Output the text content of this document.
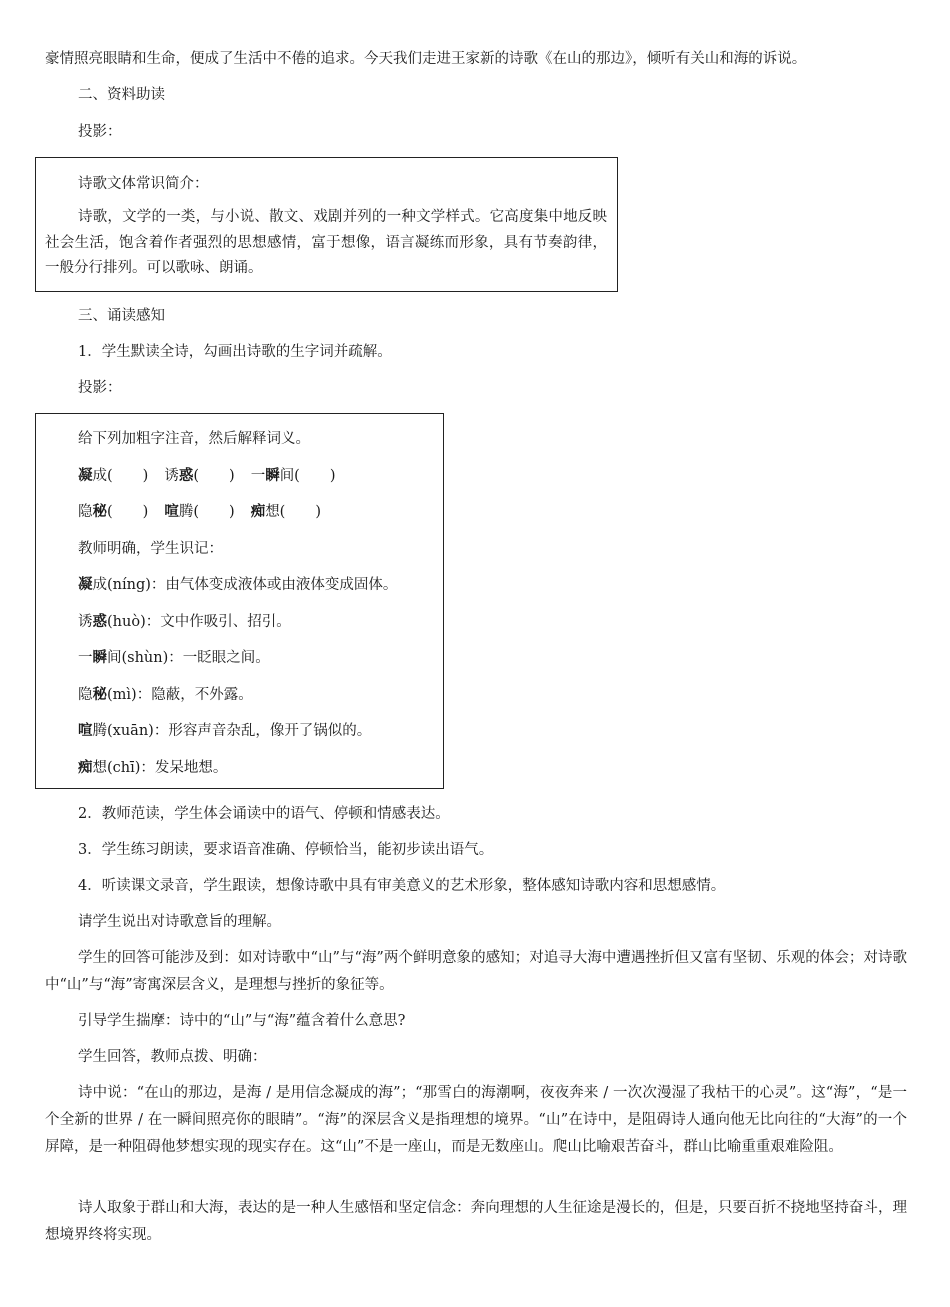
豪情照亮眼睛和生命，便成了生活中不倦的追求。今天我们走进王家新的诗歌《在山的那边》，倾听有关山和海的诉说。

二、资料助读

投影：

诗歌文体常识简介：

诗歌，文学的一类，与小说、散文、戏剧并列的一种文学样式。它高度集中地反映社会生活，饱含着作者强烈的思想感情，富于想像，语言凝练而形象，具有节奏韵律，一般分行排列。可以歌咏、朗诵。

三、诵读感知

1．学生默读全诗，勾画出诗歌的生字词并疏解。

投影：

给下列加粗字注音，然后解释词义。

凝成( ) 诱惑( ) 一瞬间( )

隐秘( ) 喧腾( ) 痴想( )

教师明确，学生识记：

凝成(níng)：由气体变成液体或由液体变成固体。

诱惑(huò)：文中作吸引、招引。

一瞬间(shùn)：一眨眼之间。

隐秘(mì)：隐蔽，不外露。

喧腾(xuān)：形容声音杂乱，像开了锅似的。

痴想(chī)：发呆地想。

2．教师范读，学生体会诵读中的语气、停顿和情感表达。

3．学生练习朗读，要求语音准确、停顿恰当，能初步读出语气。

4．听读课文录音，学生跟读，想像诗歌中具有审美意义的艺术形象，整体感知诗歌内容和思想感情。

请学生说出对诗歌意旨的理解。

学生的回答可能涉及到：如对诗歌中“山”与“海”两个鲜明意象的感知；对追寻大海中遭遇挫折但又富有坚韧、乐观的体会；对诗歌中“山”与“海”寄寓深层含义，是理想与挫折的象征等。

引导学生揣摩：诗中的“山”与“海”蕴含着什么意思?

学生回答，教师点拨、明确：

诗中说：“在山的那边，是海 / 是用信念凝成的海”；“那雪白的海潮啊，夜夜奔来 / 一次次漫湿了我枯干的心灵”。这“海”，“是一个全新的世界 / 在一瞬间照亮你的眼睛”。“海”的深层含义是指理想的境界。“山”在诗中，是阻碍诗人通向他无比向往的“大海”的一个屏障，是一种阻碍他梦想实现的现实存在。这“山”不是一座山，而是无数座山。爬山比喻艰苦奋斗，群山比喻重重艰难险阻。

诗人取象于群山和大海，表达的是一种人生感悟和坚定信念：奔向理想的人生征途是漫长的，但是，只要百折不挠地坚持奋斗，理想境界终将实现。
